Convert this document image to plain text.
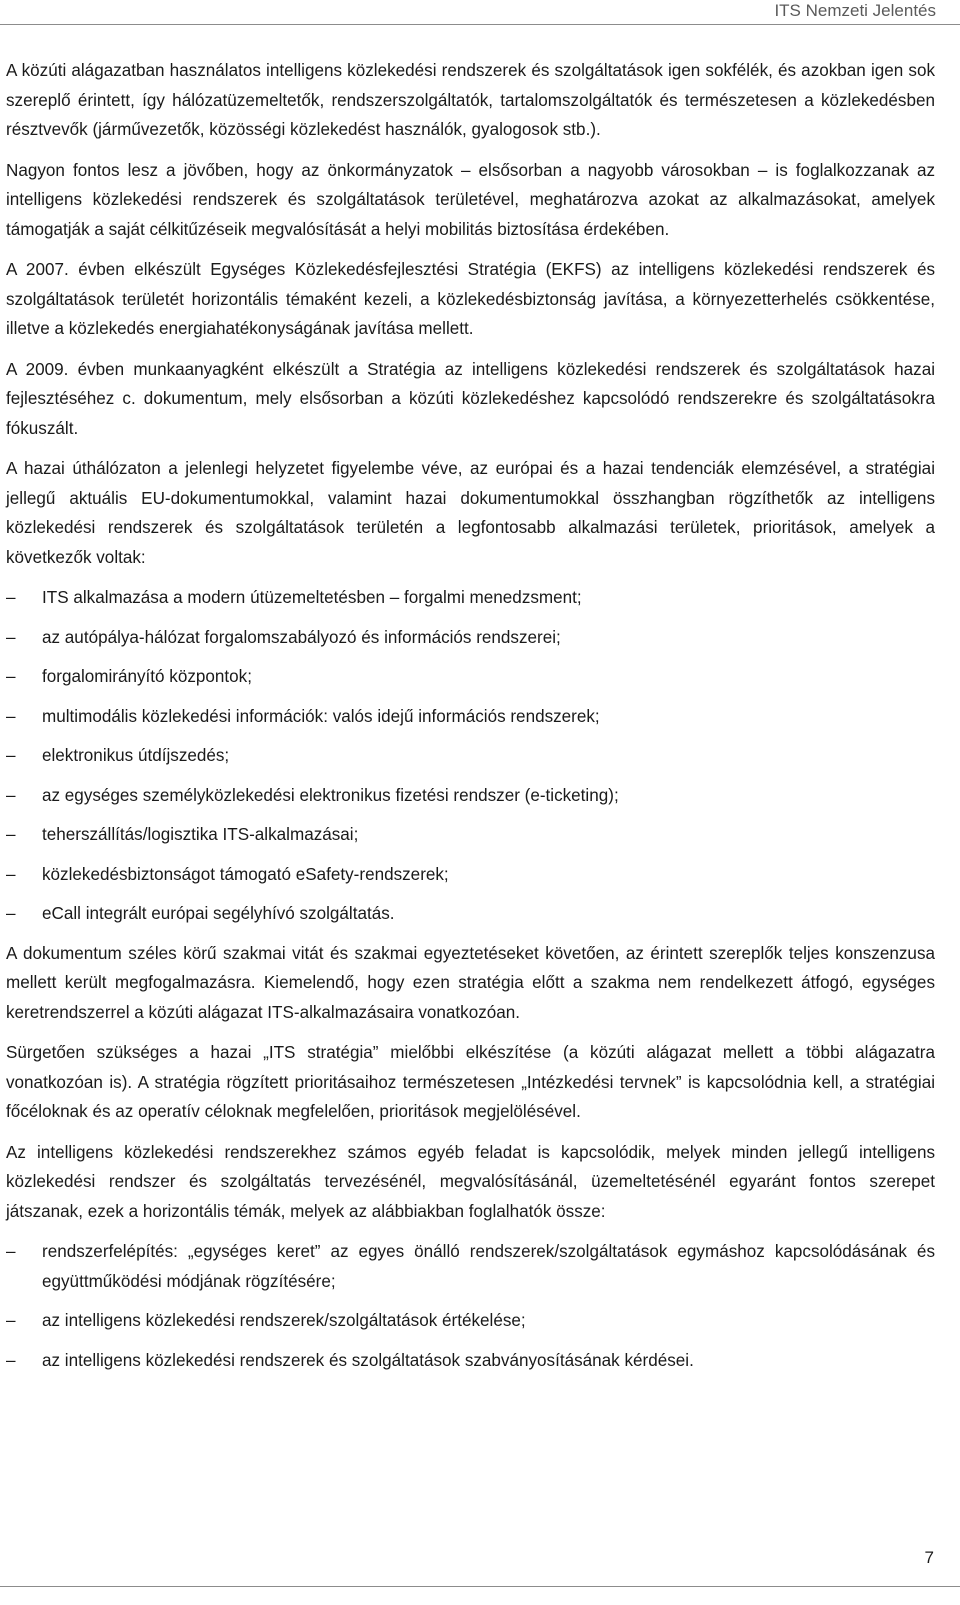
ITS Nemzeti Jelentés

A közúti alágazatban használatos intelligens közlekedési rendszerek és szolgáltatások igen sokfélék, és azokban igen sok szereplő érintett, így hálózatüzemeltetők, rendszerszolgáltatók, tartalomszolgáltatók és természetesen a közlekedésben résztvevők (járművezetők, közösségi közlekedést használók, gyalogosok stb.).

Nagyon fontos lesz a jövőben, hogy az önkormányzatok – elsősorban a nagyobb városokban – is foglalkozzanak az intelligens közlekedési rendszerek és szolgáltatások területével, meghatározva azokat az alkalmazásokat, amelyek támogatják a saját célkitűzéseik megvalósítását a helyi mobilitás biztosítása érdekében.

A 2007. évben elkészült Egységes Közlekedésfejlesztési Stratégia (EKFS) az intelligens közlekedési rendszerek és szolgáltatások területét horizontális témaként kezeli, a közlekedésbiztonság javítása, a környezetterhelés csökkentése, illetve a közlekedés energiahatékonyságának javítása mellett.

A 2009. évben munkaanyagként elkészült a Stratégia az intelligens közlekedési rendszerek és szolgáltatások hazai fejlesztéséhez c. dokumentum, mely elsősorban a közúti közlekedéshez kapcsolódó rendszerekre és szolgáltatásokra fókuszált.

A hazai úthálózaton a jelenlegi helyzetet figyelembe véve, az európai és a hazai tendenciák elemzésével, a stratégiai jellegű aktuális EU-dokumentumokkal, valamint hazai dokumentumokkal összhangban rögzíthetők az intelligens közlekedési rendszerek és szolgáltatások területén a legfontosabb alkalmazási területek, prioritások, amelyek a következők voltak:

–	ITS alkalmazása a modern útüzemeltetésben – forgalmi menedzsment;
–	az autópálya-hálózat forgalomszabályozó és információs rendszerei;
–	forgalomirányító központok;
–	multimodális közlekedési információk: valós idejű információs rendszerek;
–	elektronikus útdíjszedés;
–	az egységes személyközlekedési elektronikus fizetési rendszer (e-ticketing);
–	teherszállítás/logisztika ITS-alkalmazásai;
–	közlekedésbiztonságot támogató eSafety-rendszerek;
–	eCall integrált európai segélyhívó szolgáltatás.

A dokumentum széles körű szakmai vitát és szakmai egyeztetéseket követően, az érintett szereplők teljes konszenzusa mellett került megfogalmazásra. Kiemelendő, hogy ezen stratégia előtt a szakma nem rendelkezett átfogó, egységes keretrendszerrel a közúti alágazat ITS-alkalmazásaira vonatkozóan.

Sürgetően szükséges a hazai „ITS stratégia” mielőbbi elkészítése (a közúti alágazat mellett a többi alágazatra vonatkozóan is). A stratégia rögzített prioritásaihoz természetesen „Intézkedési tervnek” is kapcsolódnia kell, a stratégiai főcéloknak és az operatív céloknak megfelelően, prioritások megjelölésével.

Az intelligens közlekedési rendszerekhez számos egyéb feladat is kapcsolódik, melyek minden jellegű intelligens közlekedési rendszer és szolgáltatás tervezésénél, megvalósításánál, üzemeltetésénél egyaránt fontos szerepet játszanak, ezek a horizontális témák, melyek az alábbiakban foglalhatók össze:

–	rendszerfelépítés: „egységes keret” az egyes önálló rendszerek/szolgáltatások egymáshoz kapcsolódásának és együttműködési módjának rögzítésére;
–	az intelligens közlekedési rendszerek/szolgáltatások értékelése;
–	az intelligens közlekedési rendszerek és szolgáltatások szabványosításának kérdései.
7
